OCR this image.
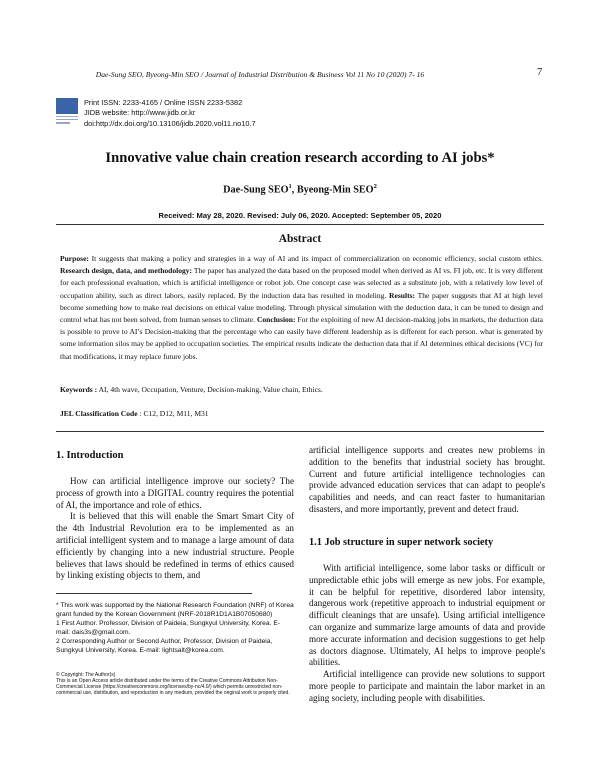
Dae-Sung SEO, Byeong-Min SEO / Journal of Industrial Distribution & Business Vol 11 No 10 (2020) 7- 16	7
Print ISSN: 2233-4165 / Online ISSN 2233-5382
JIDB website: http://www.jidb.or.kr
doi:http://dx.doi.org/10.13106/jidb.2020.vol11.no10.7
Innovative value chain creation research according to AI jobs*
Dae-Sung SEO$^1$, Byeong-Min SEO$^2$
Received: May 28, 2020. Revised: July 06, 2020. Accepted: September 05, 2020
Abstract
Purpose: It suggests that making a policy and strategies in a way of AI and its impact of commercialization on economic efficiency, social custom ethics. Research design, data, and methodology: The paper has analyzed the data based on the proposed model when derived as AI vs. FI job, etc. It is very different for each professional evaluation, which is artificial intelligence or robot job. One concept case was selected as a substitute job, with a relatively low level of occupation ability, such as direct labors, easily replaced. By the induction data has resulted in modeling. Results: The paper suggests that AI at high level become something how to make real decisions on ethical value modeling. Through physical simulation with the deduction data, it can be tuned to design and control what has not been solved, from human senses to climate. Conclusion: For the exploiting of new AI decision-making jobs in markets, the deduction data is possible to prove to AI’s Decision-making that the percentage who can easily have different leadership as is different for each person. what is generated by some information silos may be applied to occupation societies. The empirical results indicate the deduction data that if AI determines ethical decisions (VC) for that modifications, it may replace future jobs.
Keywords : AI, 4th wave, Occupation, Venture, Decision-making, Value chain, Ethics.
JEL Classification Code : C12, D12, M11, M31
1. Introduction

How can artificial intelligence improve our society? The process of growth into a DIGITAL country requires the potential of AI, the importance and role of ethics.

It is believed that this will enable the Smart Smart City of the 4th Industrial Revolution era to be implemented as an artificial intelligent system and to manage a large amount of data efficiently by changing into a new industrial structure. People believes that laws should be redefined in terms of ethics caused by linking existing objects to them, and

artificial intelligence supports and creates new problems in addition to the benefits that industrial society has brought. Current and future artificial intelligence technologies can provide advanced education services that can adapt to people's capabilities and needs, and can react faster to humanitarian disasters, and more importantly, prevent and detect fraud.

1.1 Job structure in super network society

With artificial intelligence, some labor tasks or difficult or unpredictable ethic jobs will emerge as new jobs. For example, it can be helpful for repetitive, disordered labor intensity, dangerous work (repetitive approach to industrial equipment or difficult cleanings that are unsafe). Using artificial intelligence can organize and summarize large amounts of data and provide more accurate information and decision suggestions to get help as doctors diagnose. Ultimately, AI helps to improve people's abilities.

Artificial intelligence can provide new solutions to support more people to participate and maintain the labor market in an aging society, including people with disabilities.

* This work was supported by the National Research Foundation (NRF) of Korea grant funded by the Korean Government (NRF-2018R1D1A1B07050680)

1 First Author. Professor, Division of Paideia, Sungkyul University, Korea. E-mail: dais3s@gmail.com.

2 Corresponding Author or Second Author, Professor, Division of Paideia, Sungkyul University, Korea. E-mail: lightsalt@korea.com.

© Copyright: The Author(s)

This is an Open Access article distributed under the terms of the Creative Commons Attribution Non-Commercial License (https://creativecommons.org/licenses/by-nc/4.0/) which permits unrestricted non-commercial use, distribution, and reproduction in any medium, provided the original work is properly cited.
